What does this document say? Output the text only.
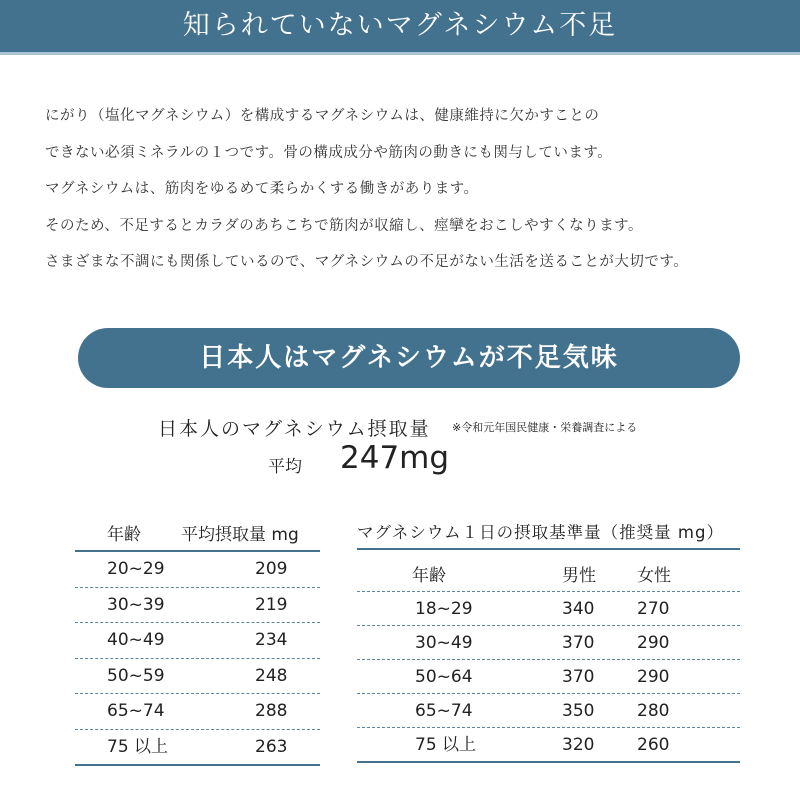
知られていないマグネシウム不足
にがり（塩化マグネシウム）を構成するマグネシウムは、健康維持に欠かすことの
できない必須ミネラルの１つです。骨の構成成分や筋肉の動きにも関与しています。
マグネシウムは、筋肉をゆるめて柔らかくする働きがあります。
そのため、不足するとカラダのあちこちで筋肉が収縮し、痙攣をおこしやすくなります。
さまざまな不調にも関係しているので、マグネシウムの不足がない生活を送ることが大切です。
日本人はマグネシウムが不足気味
日本人のマグネシウム摂取量 ※令和元年国民健康・栄養調査による
平均 247mg
年齢 平均摂取量 mg
20~29	209
30~39	219
40~49	234
50~59	248
65~74	288
75 以上	263
マグネシウム１日の摂取基準量（推奨量 mg）
年齢	男性 女性
18~29	340	270
30~49	370	290
50~64	370	290
65~74	350	280
75 以上	320	260
